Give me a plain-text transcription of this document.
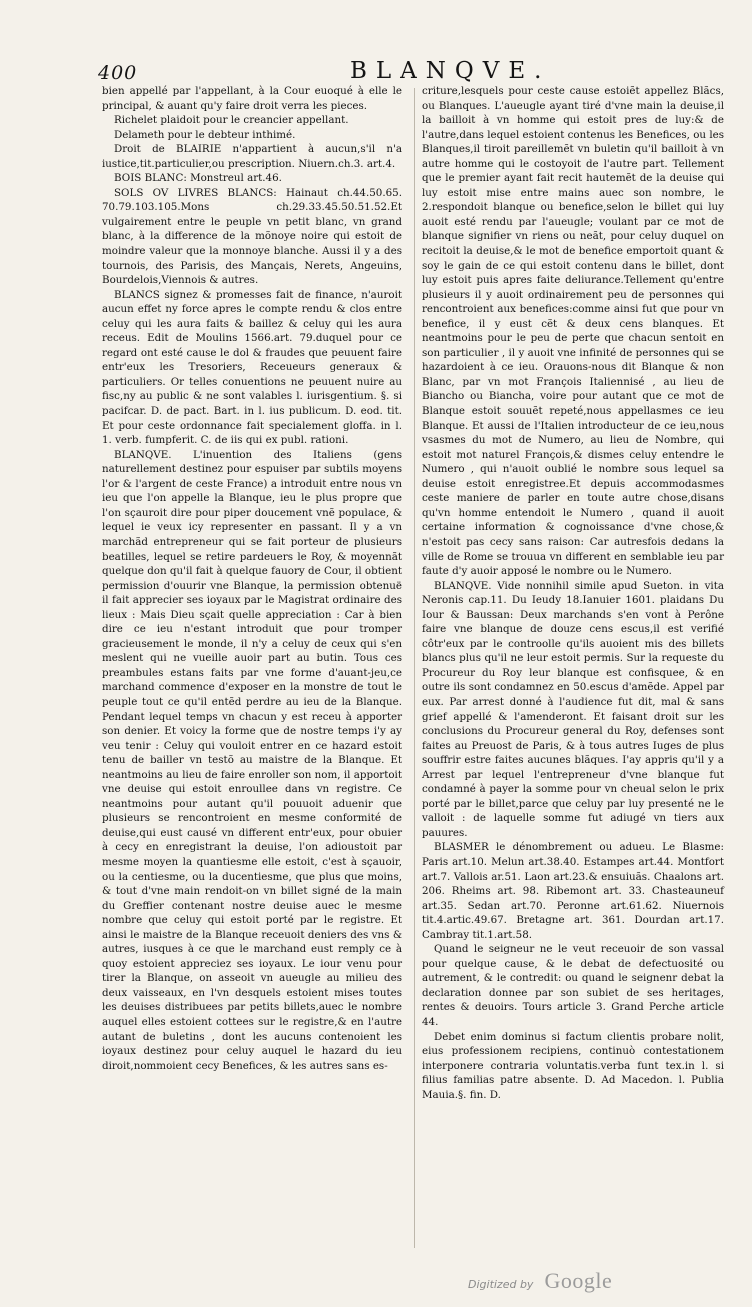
400	BLANQVE.

bien appellé par l'appellant, à la Cour euoqué à elle le principal, & auant qu'y faire droit verra les pieces.

Richelet plaidoit pour le creancier appellant.

Delameth pour le debteur inthimé.

Droit de BLAIRIE n'appartient à aucun,s'il n'a iustice,tit.particulier,ou prescription. Niuern.ch.3. art.4.

BOIS BLANC: Monstreul art.46.

SOLS OV LIVRES BLANCS: Hainaut ch.44.50.65. 70.79.103.105.Mons ch.29.33.45.50.51.52.Et vulgairement entre le peuple vn petit blanc, vn grand blanc, à la difference de la mõnoye noire qui estoit de moindre valeur que la monnoye blanche. Aussi il y a des tournois, des Parisis, des Mançais, Nerets, Angeuins, Bourdelois,Viennois & autres.

BLANCS signez & promesses fait de finance, n'auroit aucun effet ny force apres le compte rendu & clos entre celuy qui les aura faits & baillez & celuy qui les aura receus. Edit de Moulins 1566.art. 79.duquel pour ce regard ont esté cause le dol & fraudes que peuuent faire entr'eux les Tresoriers, Receueurs generaux & particuliers. Or telles conuentions ne peuuent nuire au fisc,ny au public & ne sont valables l. iurisgentium. §. si pacifcar. D. de pact. Bart. in l. ius publicum. D. eod. tit. Et pour ceste ordonnance fait specialement gloffa. in l. 1. verb. fumpferit. C. de iis qui ex publ. rationi.

BLANQVE. L'inuention des Italiens (gens naturellement destinez pour espuiser par subtils moyens l'or & l'argent de ceste France) a introduit entre nous vn ieu que l'on appelle la Blanque, ieu le plus propre que l'on sçauroit dire pour piper doucement vnẽ populace, & lequel ie veux icy representer en passant. Il y a vn marchãd entrepreneur qui se fait porteur de plusieurs beatilles, lequel se retire pardeuers le Roy, & moyennãt quelque don qu'il fait à quelque fauory de Cour, il obtient permission d'ouurir vne Blanque, la permission obtenuë il fait apprecier ses ioyaux par le Magistrat ordinaire des lieux : Mais Dieu sçait quelle appreciation : Car à bien dire ce ieu n'estant introduit que pour tromper gracieusement le monde, il n'y a celuy de ceux qui s'en meslent qui ne vueille auoir part au butin. Tous ces preambules estans faits par vne forme d'auant-jeu,ce marchand commence d'exposer en la monstre de tout le peuple tout ce qu'il entẽd perdre au ieu de la Blanque. Pendant lequel temps vn chacun y est receu à apporter son denier. Et voicy la forme que de nostre temps i'y ay veu tenir : Celuy qui vouloit entrer en ce hazard estoit tenu de bailler vn testõ au maistre de la Blanque. Et neantmoins au lieu de faire enroller son nom, il apportoit vne deuise qui estoit enroullee dans vn registre. Ce neantmoins pour autant qu'il pouuoit aduenir que plusieurs se rencontroient en mesme conformité de deuise,qui eust causé vn different entr'eux, pour obuier à cecy en enregistrant la deuise, l'on adioustoit par mesme moyen la quantiesme elle estoit, c'est à sçauoir, ou la centiesme, ou la ducentiesme, que plus que moins, & tout d'vne main rendoit-on vn billet signé de la main du Greffier contenant nostre deuise auec le mesme nombre que celuy qui estoit porté par le registre. Et ainsi le maistre de la Blanque receuoit deniers des vns & autres, iusques à ce que le marchand eust remply ce à quoy estoient appreciez ses ioyaux. Le iour venu pour tirer la Blanque, on asseoit vn aueugle au milieu des deux vaisseaux, en l'vn desquels estoient mises toutes les deuises distribuees par petits billets,auec le nombre auquel elles estoient cottees sur le registre,& en l'autre autant de buletins , dont les aucuns contenoient les ioyaux destinez pour celuy auquel le hazard du ieu diroit,nommoient cecy Benefices, & les autres sans es-

criture,lesquels pour ceste cause estoiẽt appellez Blãcs, ou Blanques. L'aueugle ayant tiré d'vne main la deuise,il la bailloit à vn homme qui estoit pres de luy:& de l'autre,dans lequel estoient contenus les Benefices, ou les Blanques,il tiroit pareillemẽt vn buletin qu'il bailloit à vn autre homme qui le costoyoit de l'autre part. Tellement que le premier ayant fait recit hautemẽt de la deuise qui luy estoit mise entre mains auec son nombre, le 2.respondoit blanque ou benefice,selon le billet qui luy auoit esté rendu par l'aueugle; voulant par ce mot de blanque signifier vn riens ou neãt, pour celuy duquel on recitoit la deuise,& le mot de benefice emportoit quant & soy le gain de ce qui estoit contenu dans le billet, dont luy estoit puis apres faite deliurance.Tellement qu'entre plusieurs il y auoit ordinairement peu de personnes qui rencontroient aux benefices:comme ainsi fut que pour vn benefice, il y eust cẽt & deux cens blanques. Et neantmoins pour le peu de perte que chacun sentoit en son particulier , il y auoit vne infinité de personnes qui se hazardoient à ce ieu. Orauons-nous dit Blanque & non Blanc, par vn mot François Italiennisé , au lieu de Biancho ou Biancha, voire pour autant que ce mot de Blanque estoit souuẽt repeté,nous appellasmes ce ieu Blanque. Et aussi de l'Italien introducteur de ce ieu,nous vsasmes du mot de Numero, au lieu de Nombre, qui estoit mot naturel François,& dismes celuy entendre le Numero , qui n'auoit oublié le nombre sous lequel sa deuise estoit enregistree.Et depuis accommodasmes ceste maniere de parler en toute autre chose,disans qu'vn homme entendoit le Numero , quand il auoit certaine information & cognoissance d'vne chose,& n'estoit pas cecy sans raison: Car autresfois dedans la ville de Rome se trouua vn different en semblable ieu par faute d'y auoir apposé le nombre ou le Numero.

BLANQVE. Vide nonnihil simile apud Sueton. in vita Neronis cap.11. Du Ieudy 18.Ianuier 1601. plaidans Du Iour & Baussan: Deux marchands s'en vont à Perône faire vne blanque de douze cens escus,il est verifié côtr'eux par le controolle qu'ils auoient mis des billets blancs plus qu'il ne leur estoit permis. Sur la requeste du Procureur du Roy leur blanque est confisquee, & en outre ils sont condamnez en 50.escus d'amẽde. Appel par eux. Par arrest donné à l'audience fut dit, mal & sans grief appellé & l'amenderont. Et faisant droit sur les conclusions du Procureur general du Roy, defenses sont faites au Preuost de Paris, & à tous autres Iuges de plus souffrir estre faites aucunes blãques. I'ay appris qu'il y a Arrest par lequel l'entrepreneur d'vne blanque fut condamné à payer la somme pour vn cheual selon le prix porté par le billet,parce que celuy par luy presenté ne le valloit : de laquelle somme fut adiugé vn tiers aux pauures.

BLASMER le dénombrement ou adueu. Le Blasme: Paris art.10. Melun art.38.40. Estampes art.44. Montfort art.7. Vallois ar.51. Laon art.23.& ensuiuãs. Chaalons art. 206. Rheims art. 98. Ribemont art. 33. Chasteauneuf art.35. Sedan art.70. Peronne art.61.62. Niuernois tit.4.artic.49.67. Bretagne art. 361. Dourdan art.17. Cambray tit.1.art.58.

Quand le seigneur ne le veut receuoir de son vassal pour quelque cause, & le debat de defectuosité ou autrement, & le contredit: ou quand le seignenr debat la declaration donnee par son subiet de ses heritages, rentes & deuoirs. Tours article 3. Grand Perche article 44.

Debet enim dominus si factum clientis probare nolit, eius professionem recipiens, continuò contestationem interponere contraria voluntatis.verba funt tex.in l. si filius familias patre absente. D. Ad Macedon. l. Publia Mauia.§. fin. D.

Digitized by Google
